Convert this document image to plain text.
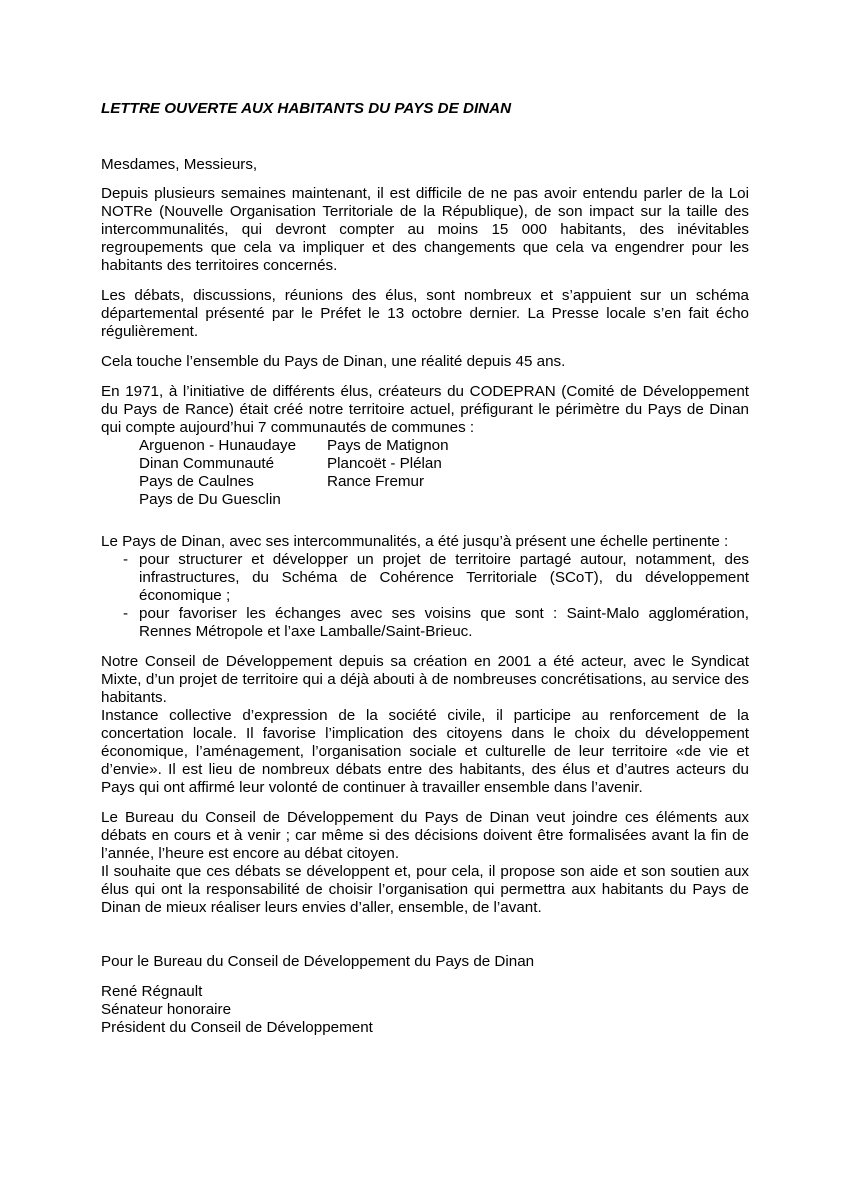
LETTRE OUVERTE AUX HABITANTS DU PAYS DE DINAN
Mesdames, Messieurs,

Depuis plusieurs semaines maintenant, il est difficile de ne pas avoir entendu parler de la Loi NOTRe (Nouvelle Organisation Territoriale de la République), de son impact sur la taille des intercommunalités, qui devront compter au moins 15 000 habitants, des inévitables regroupements que cela va impliquer et des changements que cela va engendrer pour les habitants des territoires concernés.

Les débats, discussions, réunions des élus, sont nombreux et s’appuient sur un schéma départemental présenté par le Préfet le 13 octobre dernier. La Presse locale s’en fait écho régulièrement.

Cela touche l’ensemble du Pays de Dinan, une réalité depuis 45 ans.

En 1971, à l’initiative de différents élus, créateurs du CODEPRAN (Comité de Développement du Pays de Rance) était créé notre territoire actuel, préfigurant le périmètre du Pays de Dinan qui compte aujourd’hui 7 communautés de communes :

Arguenon - Hunaudaye	Pays de Matignon
Dinan Communauté	Plancoët - Plélan
Pays de Caulnes	Rance Fremur
Pays de Du Guesclin

Le Pays de Dinan, avec ses intercommunalités, a été jusqu’à présent une échelle pertinente :

- pour structurer et développer un projet de territoire partagé autour, notamment, des infrastructures, du Schéma de Cohérence Territoriale (SCoT), du développement économique ;
- pour favoriser les échanges avec ses voisins que sont : Saint-Malo agglomération, Rennes Métropole et l’axe Lamballe/Saint-Brieuc.

Notre Conseil de Développement depuis sa création en 2001 a été acteur, avec le Syndicat Mixte, d’un projet de territoire qui a déjà abouti à de nombreuses concrétisations, au service des habitants.

Instance collective d’expression de la société civile, il participe au renforcement de la concertation locale. Il favorise l’implication des citoyens dans le choix du développement économique, l’aménagement, l’organisation sociale et culturelle de leur territoire «de vie et d’envie». Il est lieu de nombreux débats entre des habitants, des élus et d’autres acteurs du Pays qui ont affirmé leur volonté de continuer à travailler ensemble dans l’avenir.

Le Bureau du Conseil de Développement du Pays de Dinan veut joindre ces éléments aux débats en cours et à venir ; car même si des décisions doivent être formalisées avant la fin de l’année, l’heure est encore au débat citoyen.

Il souhaite que ces débats se développent et, pour cela, il propose son aide et son soutien aux élus qui ont la responsabilité de choisir l’organisation qui permettra aux habitants du Pays de Dinan de mieux réaliser leurs envies d’aller, ensemble, de l’avant.

Pour le Bureau du Conseil de Développement du Pays de Dinan

René Régnault
Sénateur honoraire
Président du Conseil de Développement
